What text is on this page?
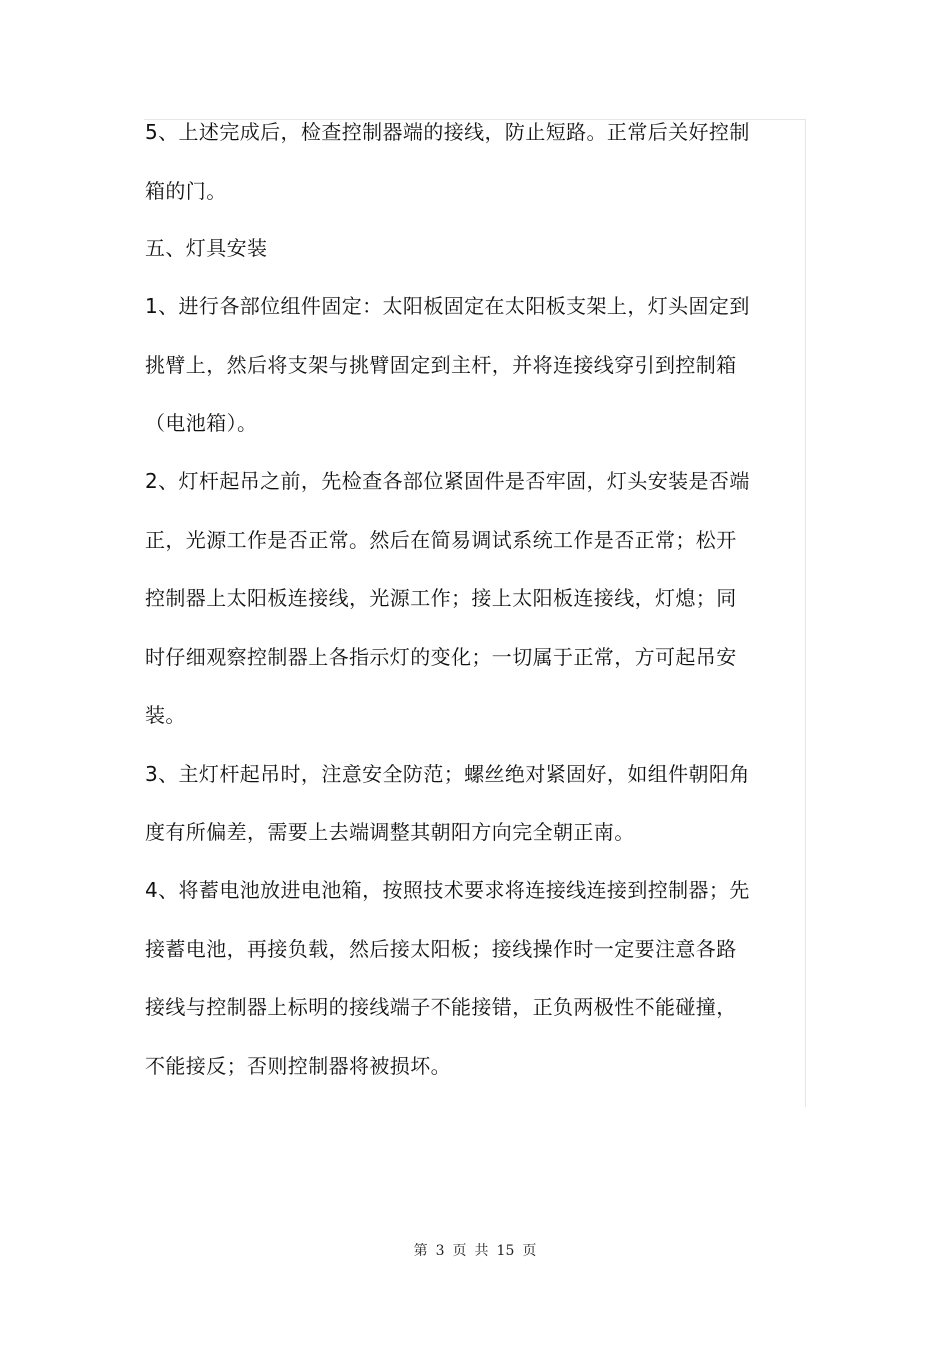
5、上述完成后，检查控制器端的接线，防止短路。正常后关好控制
箱的门。
五、灯具安装
1、进行各部位组件固定：太阳板固定在太阳板支架上，灯头固定到
挑臂上，然后将支架与挑臂固定到主杆，并将连接线穿引到控制箱
（电池箱）。
2、灯杆起吊之前，先检查各部位紧固件是否牢固，灯头安装是否端
正，光源工作是否正常。然后在简易调试系统工作是否正常；松开
控制器上太阳板连接线，光源工作；接上太阳板连接线，灯熄；同
时仔细观察控制器上各指示灯的变化；一切属于正常，方可起吊安
装。
3、主灯杆起吊时，注意安全防范；螺丝绝对紧固好，如组件朝阳角
度有所偏差，需要上去端调整其朝阳方向完全朝正南。
4、将蓄电池放进电池箱，按照技术要求将连接线连接到控制器；先
接蓄电池，再接负载，然后接太阳板；接线操作时一定要注意各路
接线与控制器上标明的接线端子不能接错，正负两极性不能碰撞，
不能接反；否则控制器将被损坏。
第 3 页 共 15 页
